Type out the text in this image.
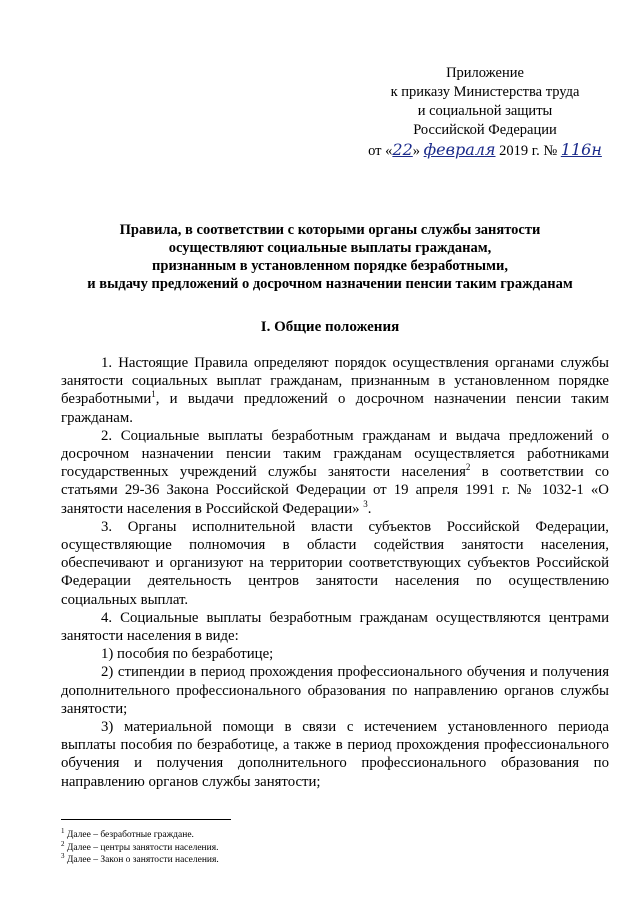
Приложение
к приказу Министерства труда
и социальной защиты
Российской Федерации
от «22» февраля 2019 г. № 116н
Правила, в соответствии с которыми органы службы занятости
осуществляют социальные выплаты гражданам,
признанным в установленном порядке безработными,
и выдачу предложений о досрочном назначении пенсии таким гражданам
I. Общие положения

1. Настоящие Правила определяют порядок осуществления органами службы занятости социальных выплат гражданам, признанным в установленном порядке безработными$^1$, и выдачи предложений о досрочном назначении пенсии таким гражданам.

2. Социальные выплаты безработным гражданам и выдача предложений о досрочном назначении пенсии таким гражданам осуществляется работниками государственных учреждений службы занятости населения$^2$ в соответствии со статьями 29-36 Закона Российской Федерации от 19 апреля 1991 г. № 1032-1 «О занятости населения в Российской Федерации» $^3$.

3. Органы исполнительной власти субъектов Российской Федерации, осуществляющие полномочия в области содействия занятости населения, обеспечивают и организуют на территории соответствующих субъектов Российской Федерации деятельность центров занятости населения по осуществлению социальных выплат.

4. Социальные выплаты безработным гражданам осуществляются центрами занятости населения в виде:

1) пособия по безработице;

2) стипендии в период прохождения профессионального обучения и получения дополнительного профессионального образования по направлению органов службы занятости;

3) материальной помощи в связи с истечением установленного периода выплаты пособия по безработице, а также в период прохождения профессионального обучения и получения дополнительного профессионального образования по направлению органов службы занятости;

$^1$ Далее – безработные граждане.
$^2$ Далее – центры занятости населения.
$^3$ Далее – Закон о занятости населения.
